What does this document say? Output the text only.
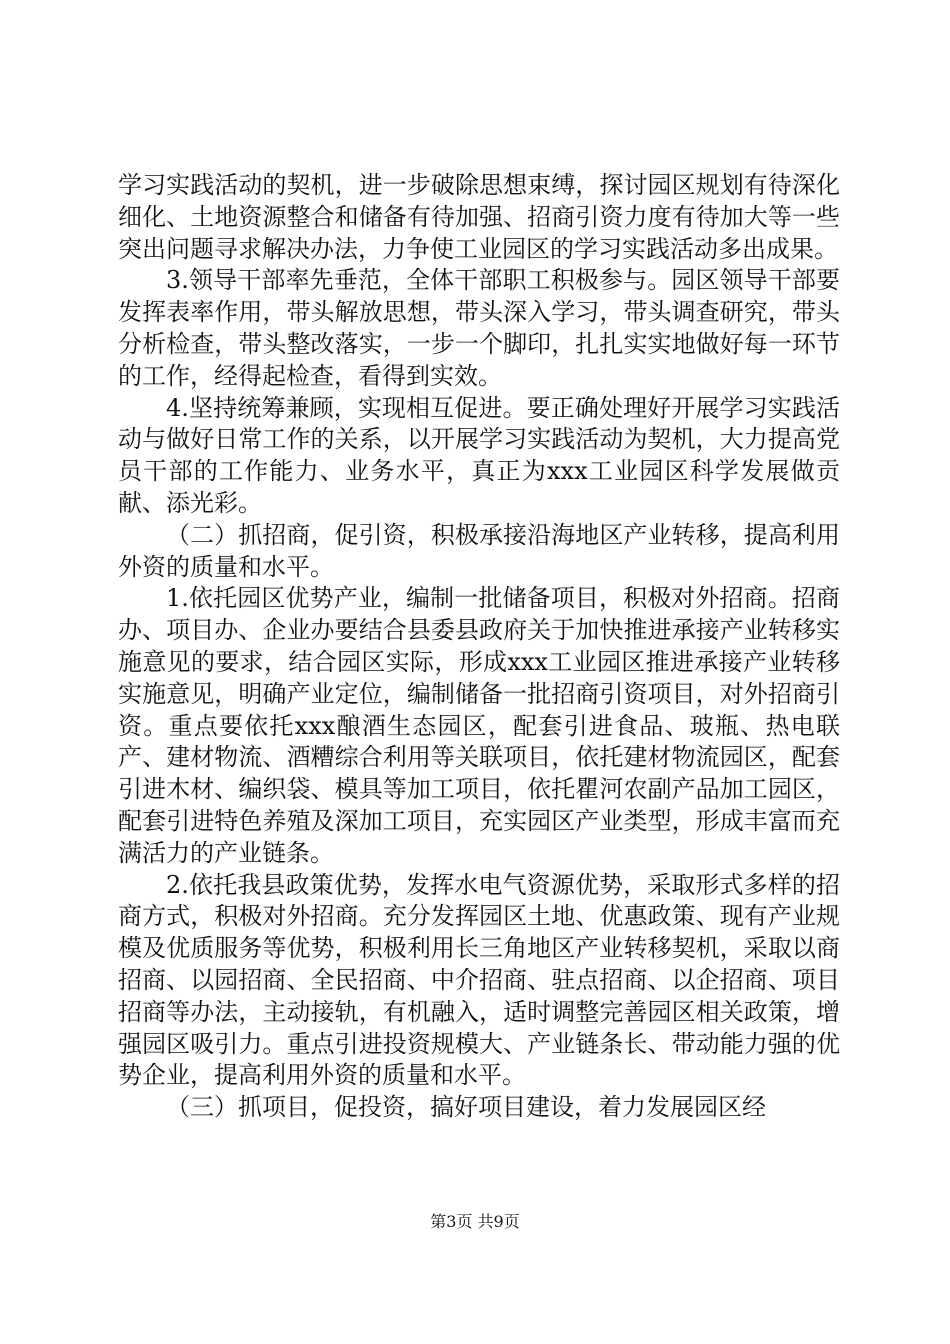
学习实践活动的契机，进一步破除思想束缚，探讨园区规划有待深化细化、土地资源整合和储备有待加强、招商引资力度有待加大等一些突出问题寻求解决办法，力争使工业园区的学习实践活动多出成果。

3.领导干部率先垂范，全体干部职工积极参与。园区领导干部要发挥表率作用，带头解放思想，带头深入学习，带头调查研究，带头分析检查，带头整改落实，一步一个脚印，扎扎实实地做好每一环节的工作，经得起检查，看得到实效。

4.坚持统筹兼顾，实现相互促进。要正确处理好开展学习实践活动与做好日常工作的关系，以开展学习实践活动为契机，大力提高党员干部的工作能力、业务水平，真正为xxx工业园区科学发展做贡献、添光彩。

（二）抓招商，促引资，积极承接沿海地区产业转移，提高利用外资的质量和水平。

1.依托园区优势产业，编制一批储备项目，积极对外招商。招商办、项目办、企业办要结合县委县政府关于加快推进承接产业转移实施意见的要求，结合园区实际，形成xxx工业园区推进承接产业转移实施意见，明确产业定位，编制储备一批招商引资项目，对外招商引资。重点要依托xxx酿酒生态园区，配套引进食品、玻瓶、热电联产、建材物流、酒糟综合利用等关联项目，依托建材物流园区，配套引进木材、编织袋、模具等加工项目，依托瞿河农副产品加工园区，配套引进特色养殖及深加工项目，充实园区产业类型，形成丰富而充满活力的产业链条。

2.依托我县政策优势，发挥水电气资源优势，采取形式多样的招商方式，积极对外招商。充分发挥园区土地、优惠政策、现有产业规模及优质服务等优势，积极利用长三角地区产业转移契机，采取以商招商、以园招商、全民招商、中介招商、驻点招商、以企招商、项目招商等办法，主动接轨，有机融入，适时调整完善园区相关政策，增强园区吸引力。重点引进投资规模大、产业链条长、带动能力强的优势企业，提高利用外资的质量和水平。

（三）抓项目，促投资，搞好项目建设，着力发展园区经

第3页 共9页
